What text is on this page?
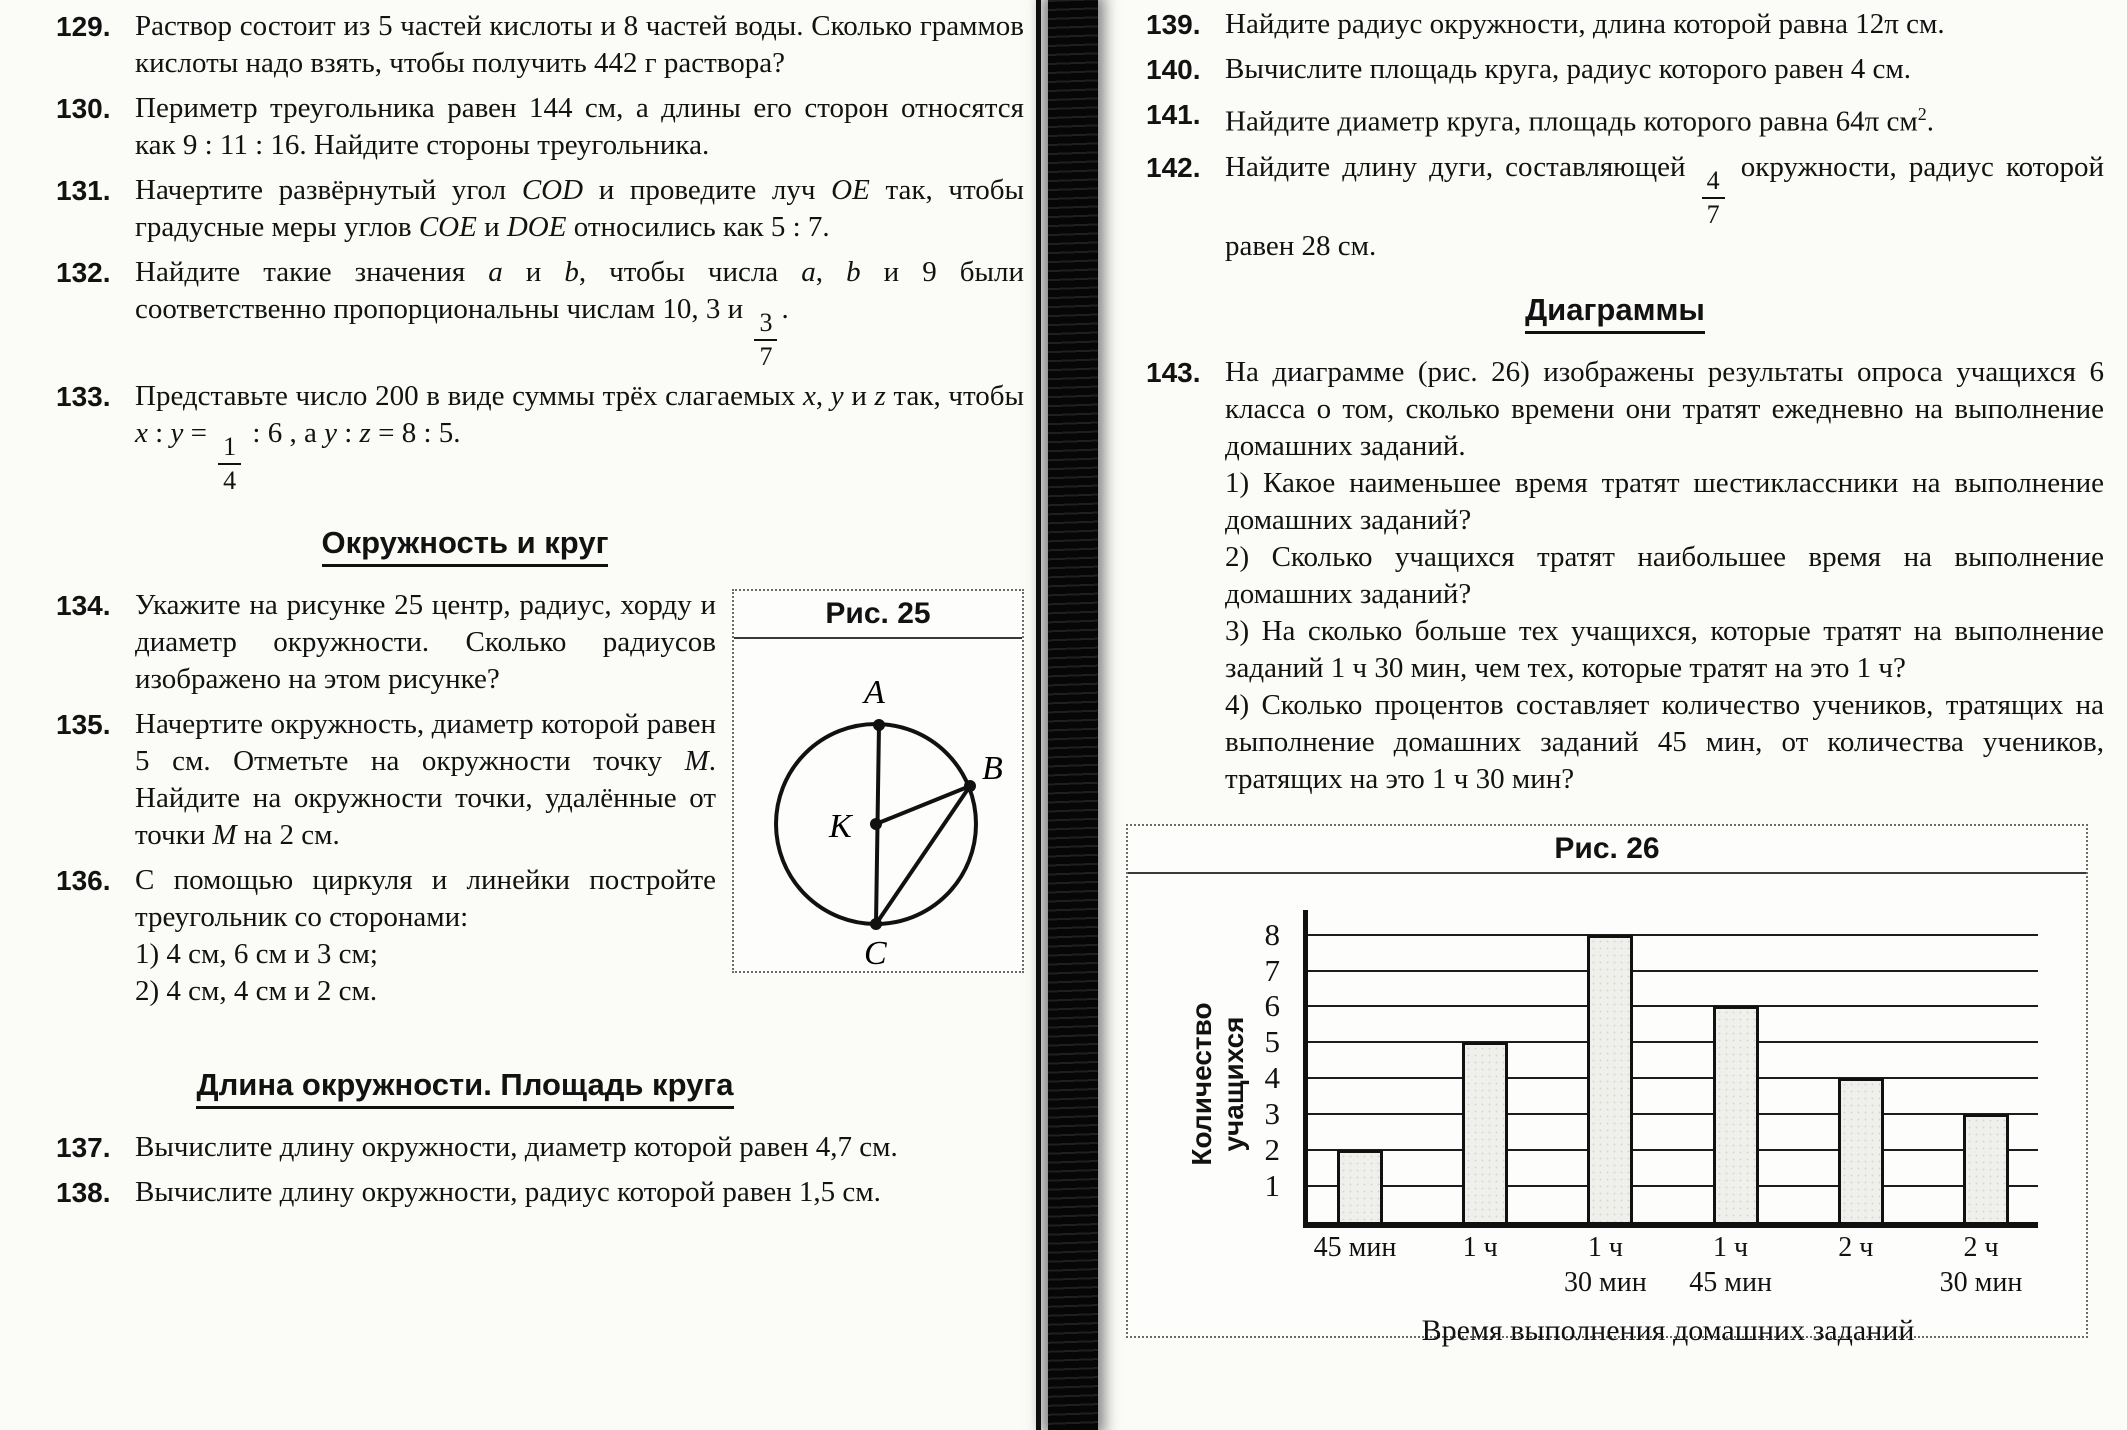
129. Раствор состоит из 5 частей кислоты и 8 частей воды. Сколько граммов кислоты надо взять, чтобы получить 442 г раствора?
130. Периметр треугольника равен 144 см, а длины его сторон относятся как 9 : 11 : 16. Найдите стороны треугольника.
131. Начертите развёрнутый угол COD и проведите луч OE так, чтобы градусные меры углов COE и DOE относились как 5 : 7.
132. Найдите такие значения a и b, чтобы числа a, b и 9 были соответственно пропорциональны числам 10, 3 и
$\frac{3}{7}$
.
133. Представьте число 200 в виде суммы трёх слагаемых x, y и z так, чтобы x : y =
$\frac{1}{4}$
: 6 , а y : z = 8 : 5.
Окружность и круг
Рис. 25
A
B
C
K
134. Укажите на рисунке 25 центр, радиус, хорду и диаметр окружности. Сколько радиусов изображено на этом рисунке?
135. Начертите окружность, диаметр которой равен 5 см. Отметьте на окружности точку M. Найдите на окружности точки, удалённые от точки M на 2 см.
136. С помощью циркуля и линейки постройте треугольник со сторонами:
1) 4 см, 6 см и 3 см;
2) 4 см, 4 см и 2 см.
Длина окружности. Площадь круга
137. Вычислите длину окружности, диаметр которой равен 4,7 см.
138. Вычислите длину окружности, радиус которой равен 1,5 см.
139. Найдите радиус окружности, длина которой равна 12π см.
140. Вычислите площадь круга, радиус которого равен 4 см.
141. Найдите диаметр круга, площадь которого равна 64π $см^2$.
142. Найдите длину дуги, составляющей
$\frac{4}{7}$
окружности, радиус которой равен 28 см.
Диаграммы
143. На диаграмме (рис. 26) изображены результаты опроса учащихся 6 класса о том, сколько времени они тратят ежедневно на выполнение домашних заданий.
1) Какое наименьшее время тратят шестиклассники на выполнение домашних заданий?
2) Сколько учащихся тратят наибольшее время на выполнение домашних заданий?
3) На сколько больше тех учащихся, которые тратят на выполнение заданий 1 ч 30 мин, чем тех, которые тратят на это 1 ч?
4) Сколько процентов составляет количество учеников, тратящих на выполнение домашних заданий 45 мин, от количества учеников, тратящих на это 1 ч 30 мин?
Рис. 26
Количество учащихся
1
2
3
4
5
6
7
8
45 мин	1 ч	1 ч
30 мин
1 ч
45 мин
2 ч	2 ч
30 мин
Время выполнения домашних заданий
